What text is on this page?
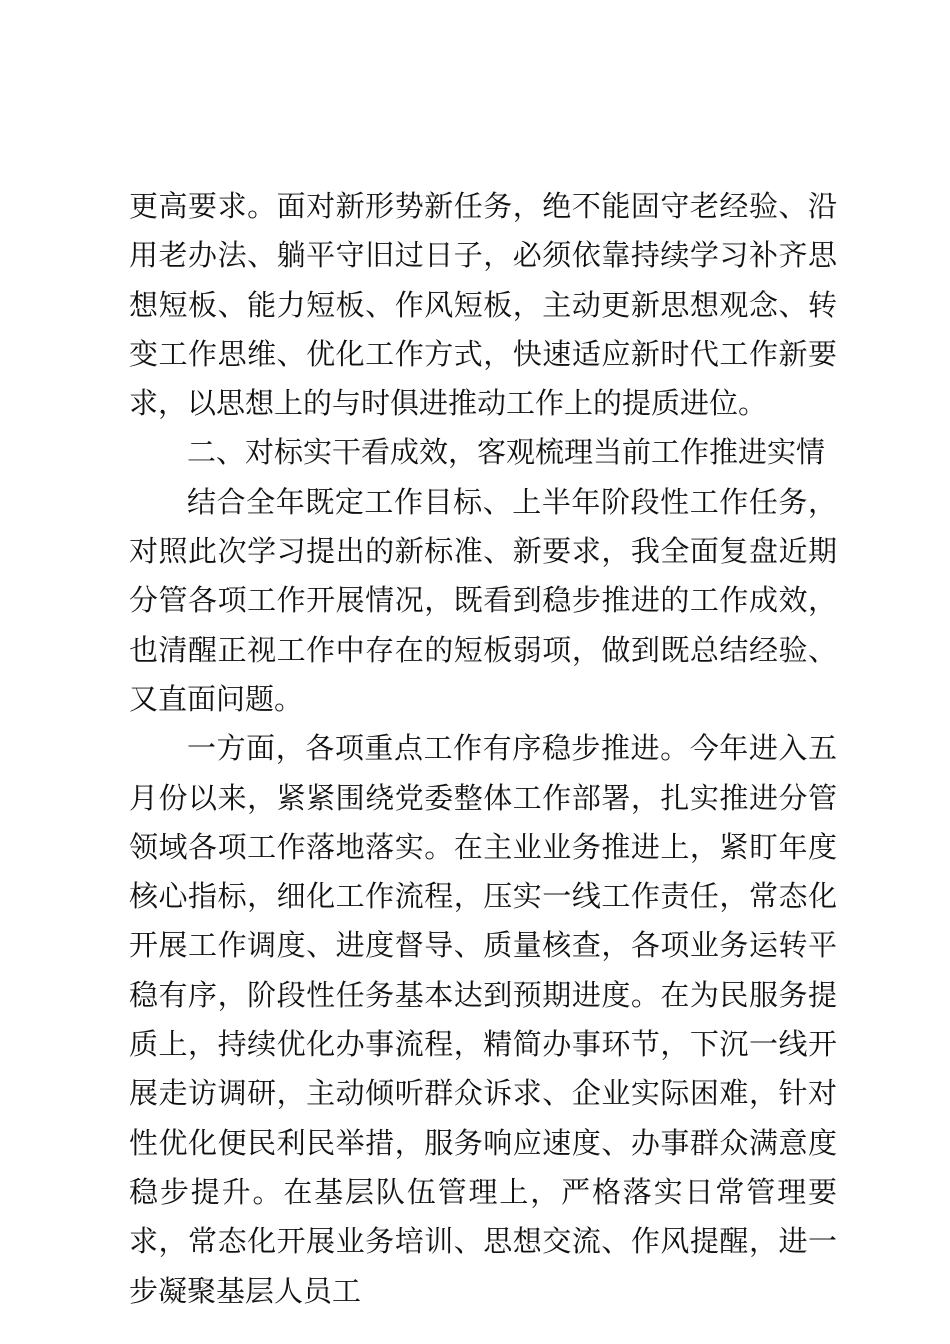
更高要求。面对新形势新任务，绝不能固守老经验、沿用老办法、躺平守旧过日子，必须依靠持续学习补齐思想短板、能力短板、作风短板，主动更新思想观念、转变工作思维、优化工作方式，快速适应新时代工作新要求，以思想上的与时俱进推动工作上的提质进位。

二、对标实干看成效，客观梳理当前工作推进实情

结合全年既定工作目标、上半年阶段性工作任务，对照此次学习提出的新标准、新要求，我全面复盘近期分管各项工作开展情况，既看到稳步推进的工作成效，也清醒正视工作中存在的短板弱项，做到既总结经验、又直面问题。

一方面，各项重点工作有序稳步推进。今年进入五月份以来，紧紧围绕党委整体工作部署，扎实推进分管领域各项工作落地落实。在主业业务推进上，紧盯年度核心指标，细化工作流程，压实一线工作责任，常态化开展工作调度、进度督导、质量核查，各项业务运转平稳有序，阶段性任务基本达到预期进度。在为民服务提质上，持续优化办事流程，精简办事环节，下沉一线开展走访调研，主动倾听群众诉求、企业实际困难，针对性优化便民利民举措，服务响应速度、办事群众满意度稳步提升。在基层队伍管理上，严格落实日常管理要求，常态化开展业务培训、思想交流、作风提醒，进一步凝聚基层人员工
